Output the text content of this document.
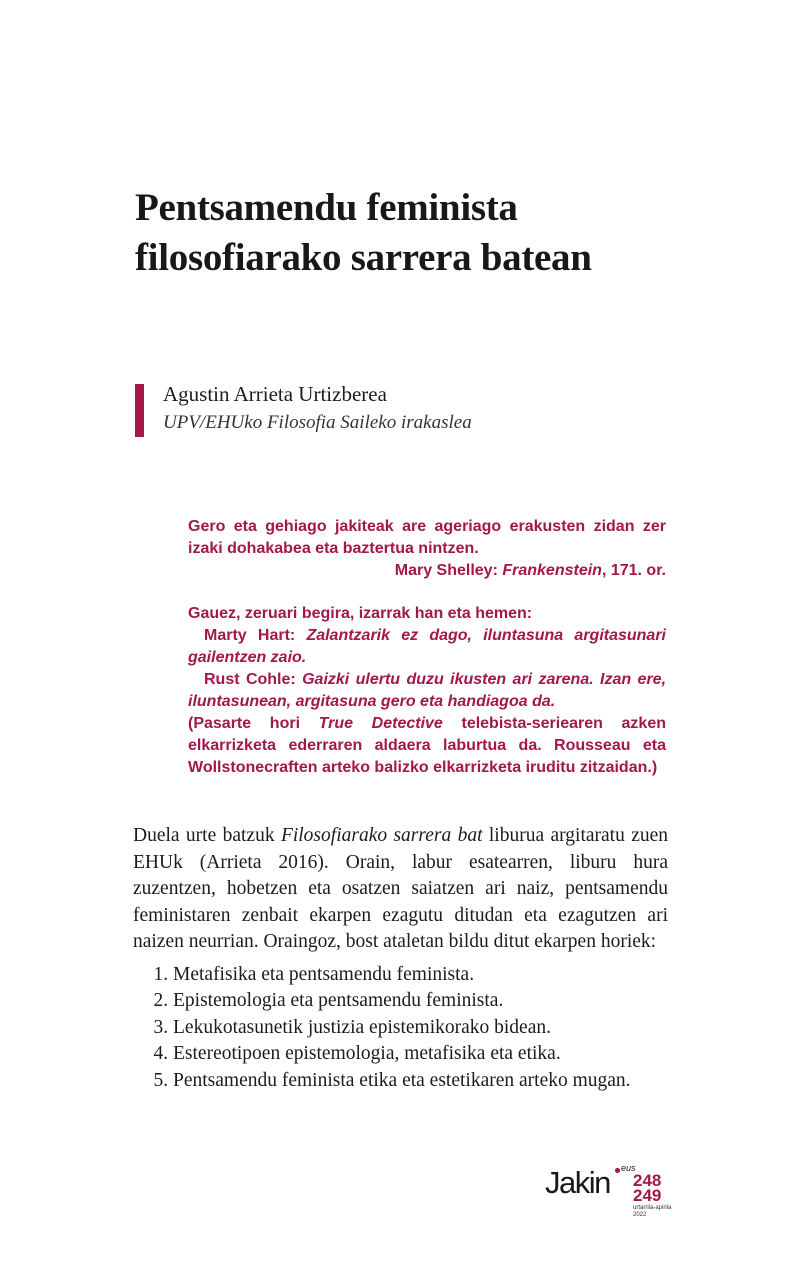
Pentsamendu feminista
filosofiarako sarrera batean
Agustin Arrieta Urtizberea
UPV/EHUko Filosofia Saileko irakaslea

Gero eta gehiago jakiteak are ageriago erakusten zidan zer izaki dohakabea eta baztertua nintzen.

Mary Shelley: Frankenstein, 171. or.

Gauez, zeruari begira, izarrak han eta hemen:

Marty Hart: Zalantzarik ez dago, iluntasuna argitasunari gailentzen zaio.

Rust Cohle: Gaizki ulertu duzu ikusten ari zarena. Izan ere, iluntasunean, argitasuna gero eta handiagoa da.

(Pasarte hori True Detective telebista-seriearen azken elkarrizketa ederraren aldaera laburtua da. Rousseau eta Wollstonecraften arteko balizko elkarrizketa iruditu zitzaidan.)

Duela urte batzuk Filosofiarako sarrera bat liburua argitaratu zuen EHUk (Arrieta 2016). Orain, labur esatearren, liburu hura zuzentzen, hobetzen eta osatzen saiatzen ari naiz, pentsamendu feministaren zenbait ekarpen ezagutu ditudan eta ezagutzen ari naizen neurrian. Oraingoz, bost ataletan bildu ditut ekarpen horiek:

1. Metafisika eta pentsamendu feminista.
2. Epistemologia eta pentsamendu feminista.
3. Lekukotasunetik justizia epistemikorako bidean.
4. Estereotipoen epistemologia, metafisika eta etika.
5. Pentsamendu feminista etika eta estetikaren arteko mugan.
Jakin eus
248
249
urtarrila-apirila
2022
